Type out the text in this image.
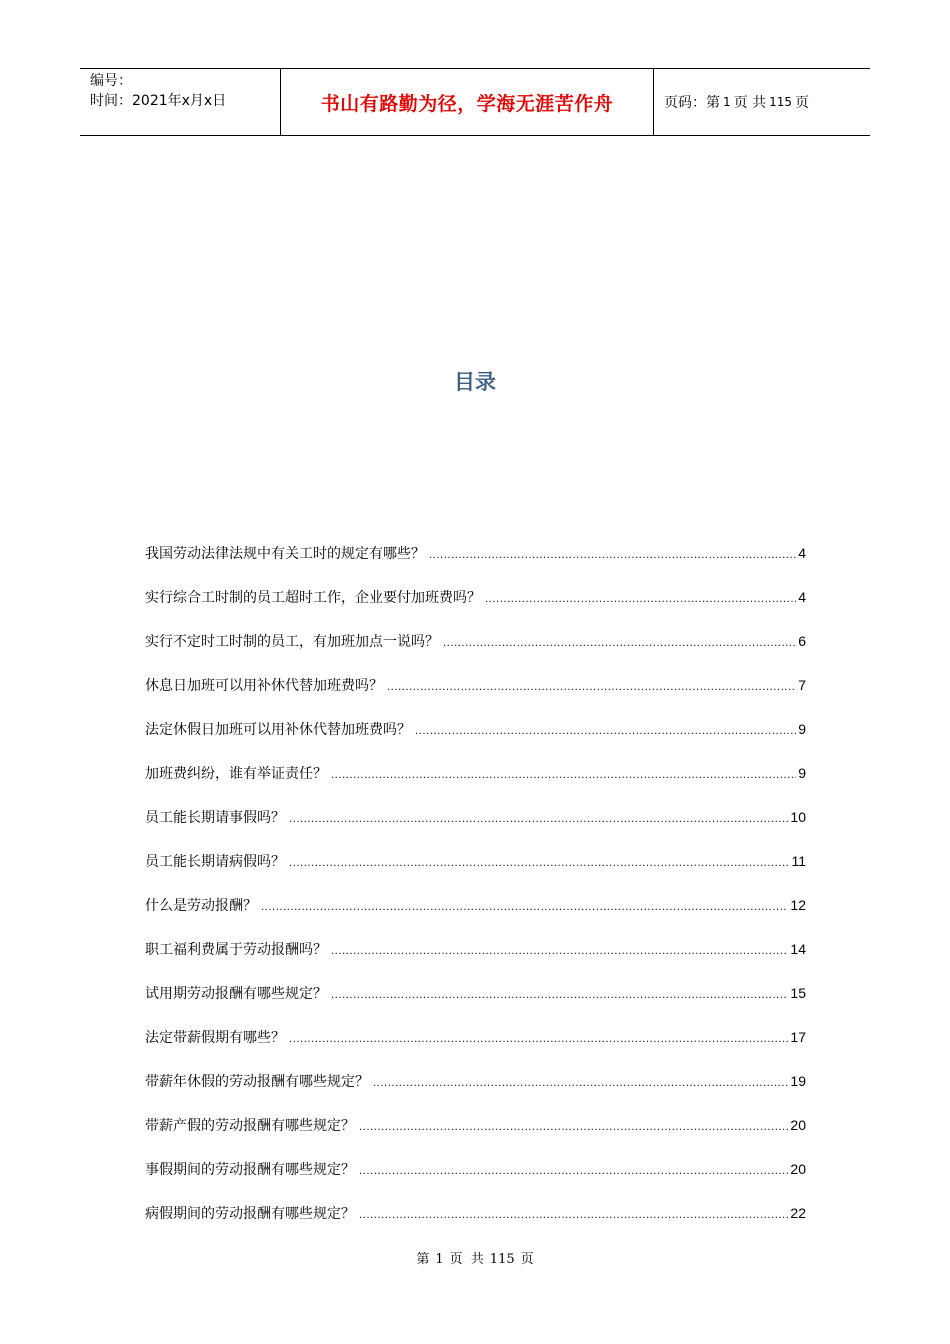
编号：
时间：2021年x月x日	书山有路勤为径，学海无涯苦作舟	页码：第 1 页 共 115 页
目录
我国劳动法律法规中有关工时的规定有哪些？ .....	4
实行综合工时制的员工超时工作，企业要付加班费吗？ .....	4
实行不定时工时制的员工，有加班加点一说吗？ .....	6
休息日加班可以用补休代替加班费吗？ .....	7
法定休假日加班可以用补休代替加班费吗？ .....	9
加班费纠纷，谁有举证责任？ .....	9
员工能长期请事假吗？ .....	10
员工能长期请病假吗？ .....	11
什么是劳动报酬？ .....	12
职工福利费属于劳动报酬吗？ .....	14
试用期劳动报酬有哪些规定？ .....	15
法定带薪假期有哪些？ .....	17
带薪年休假的劳动报酬有哪些规定？ .....	19
带薪产假的劳动报酬有哪些规定？ .....	20
事假期间的劳动报酬有哪些规定？ .....	20
病假期间的劳动报酬有哪些规定？ .....	22
第 1 页 共 115 页
